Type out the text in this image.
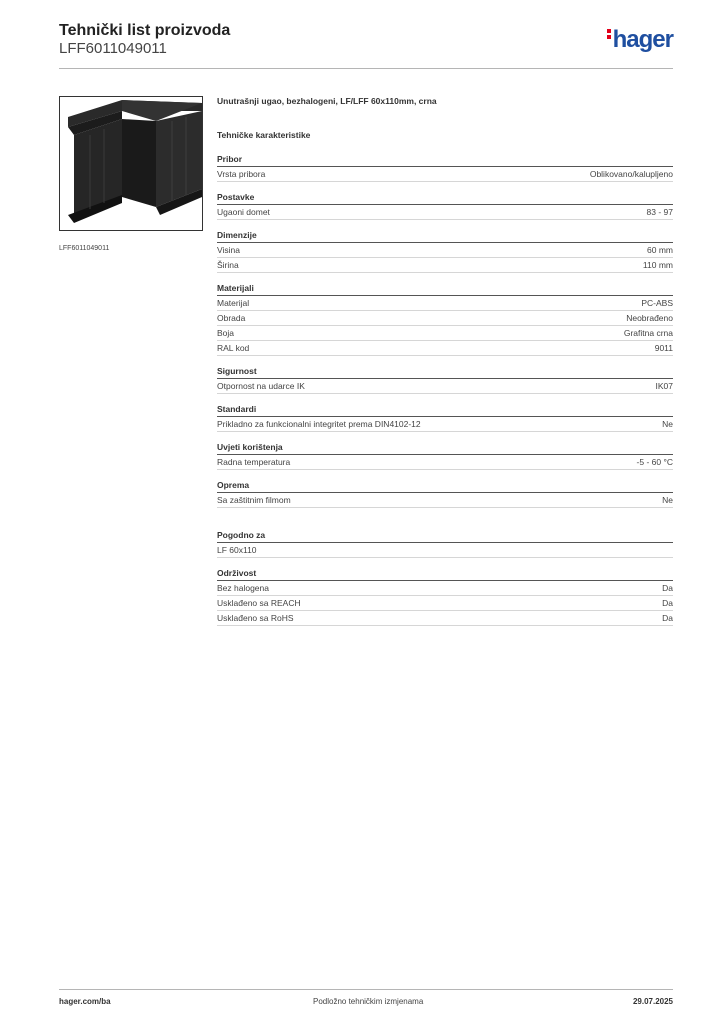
Tehnički list proizvoda
LFF6011049011	hager
LFF6011049011
Unutrašnji ugao, bezhalogeni, LF/LFF 60x110mm, crna
Tehničke karakteristike
Pribor
Vrsta pribora	Oblikovano/kalupljeno
Postavke
Ugaoni domet	83 - 97
Dimenzije
Visina	60 mm
Širina	110 mm
Materijali
Materijal	PC-ABS
Obrada	Neobrađeno
Boja	Grafitna crna
RAL kod	9011
Sigurnost
Otpornost na udarce IK	IK07
Standardi
Prikladno za funkcionalni integritet prema DIN4102-12	Ne
Uvjeti korištenja
Radna temperatura	-5 - 60 °C
Oprema
Sa zaštitnim filmom	Ne
Pogodno za
LF 60x110
Održivost
Bez halogena	Da
Usklađeno sa REACH	Da
Usklađeno sa RoHS	Da
hager.com/ba	Podložno tehničkim izmjenama	29.07.2025
